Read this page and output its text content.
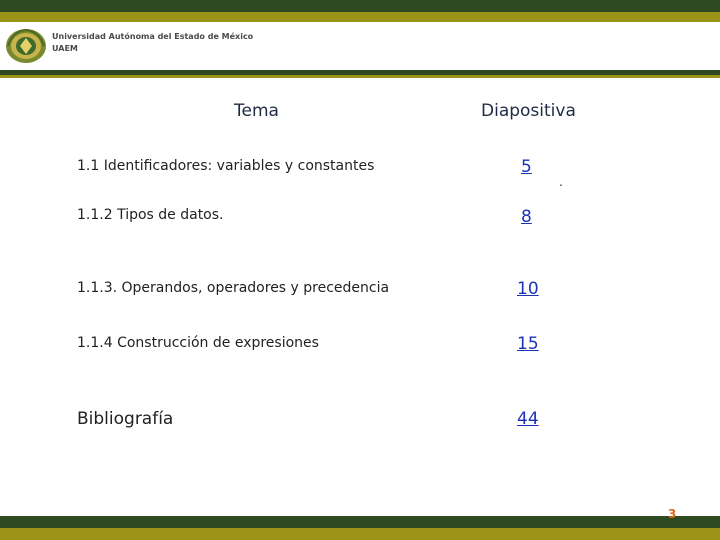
Universidad Autónoma del Estado de México
UAEM
Tema	Diapositiva
1.1 Identificadores: variables y constantes	5
.
1.1.2 Tipos de datos.	8
1.1.3. Operandos, operadores y precedencia	10
1.1.4 Construcción de expresiones	15
Bibliografía	44
3
